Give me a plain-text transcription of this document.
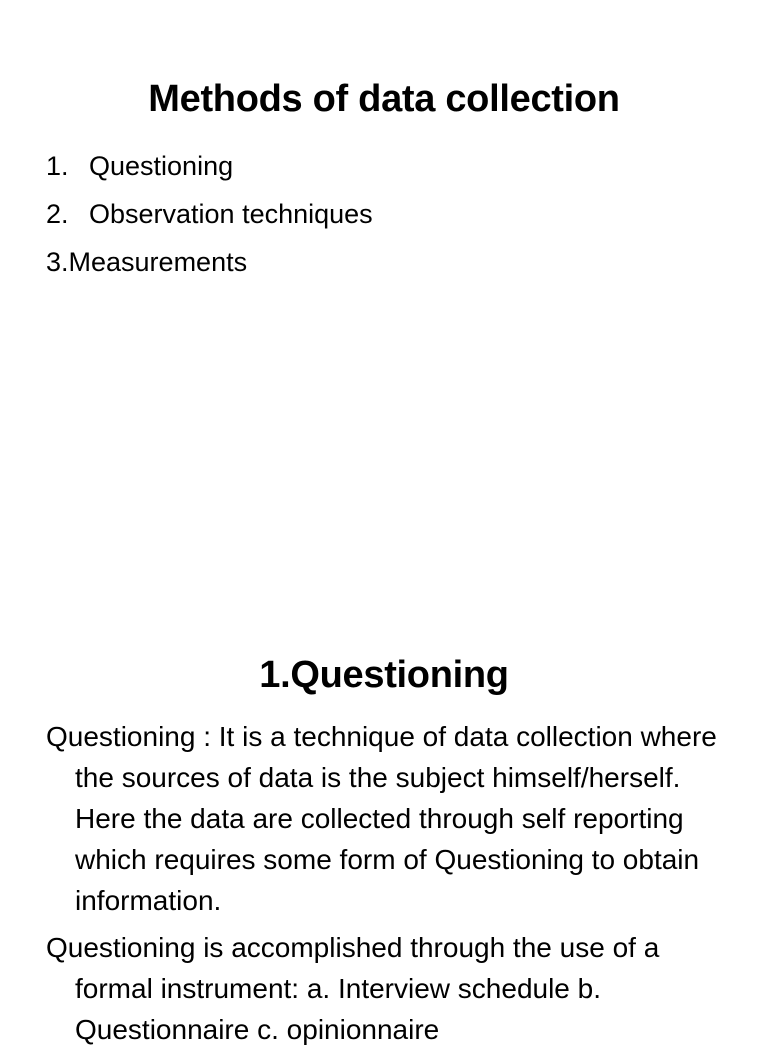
Methods of data collection
1. Questioning
2. Observation techniques
3.Measurements
1.Questioning

Questioning : It is a technique of data collection where the sources of data is the subject himself/herself. Here the data are collected through self reporting which requires some form of Questioning to obtain information.

Questioning is accomplished through the use of a formal instrument: a. Interview schedule b. Questionnaire c. opinionnaire
